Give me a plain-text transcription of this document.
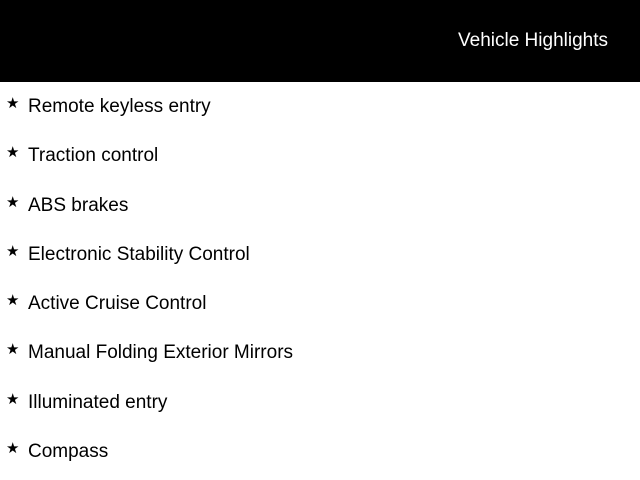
Vehicle Highlights
★ Remote keyless entry
★ Traction control
★ ABS brakes
★ Electronic Stability Control
★ Active Cruise Control
★ Manual Folding Exterior Mirrors
★ Illuminated entry
★ Compass
